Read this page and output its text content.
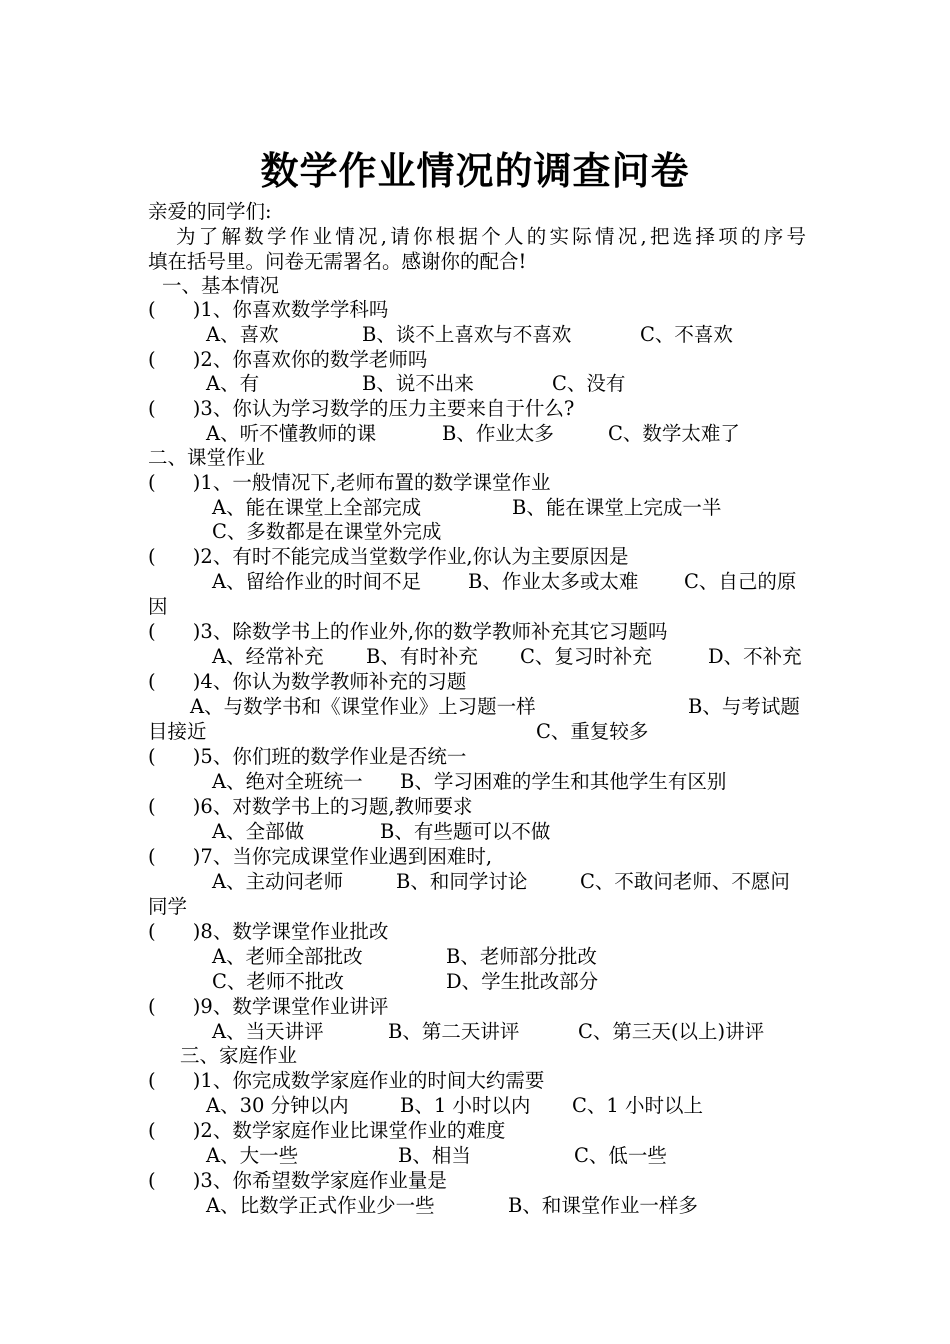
数学作业情况的调查问卷
亲爱的同学们:
为了解数学作业情况,请你根据个人的实际情况,把选择项的序号
填在括号里。问卷无需署名。感谢你的配合!
一、基本情况
(      )1、你喜欢数学学科吗
A、喜欢	B、谈不上喜欢与不喜欢	C、不喜欢
(      )2、你喜欢你的数学老师吗
A、有	B、说不出来	C、没有
(      )3、你认为学习数学的压力主要来自于什么?
A、听不懂教师的课	B、作业太多	C、数学太难了
二、课堂作业
(      )1、一般情况下,老师布置的数学课堂作业
A、能在课堂上全部完成	B、能在课堂上完成一半
C、多数都是在课堂外完成
(      )2、有时不能完成当堂数学作业,你认为主要原因是
A、留给作业的时间不足 B、作业太多或太难 C、自己的原
因
(      )3、除数学书上的作业外,你的数学教师补充其它习题吗
A、经常补充 B、有时补充 C、复习时补充	D、不补充
(      )4、你认为数学教师补充的习题
A、与数学书和《课堂作业》上习题一样	B、与考试题
目接近	C、重复较多
(      )5、你们班的数学作业是否统一
A、绝对全班统一 B、学习困难的学生和其他学生有区别
(      )6、对数学书上的习题,教师要求
A、全部做	B、有些题可以不做
(      )7、当你完成课堂作业遇到困难时,
A、主动问老师	B、和同学讨论	C、不敢问老师、不愿问
同学
(      )8、数学课堂作业批改
A、老师全部批改	B、老师部分批改
C、老师不批改	D、学生批改部分
(      )9、数学课堂作业讲评
A、当天讲评	B、第二天讲评	C、第三天(以上)讲评
三、家庭作业
(      )1、你完成数学家庭作业的时间大约需要
A、30 分钟以内	B、1 小时以内 C、1 小时以上
(      )2、数学家庭作业比课堂作业的难度
A、大一些	B、相当	C、低一些
(      )3、你希望数学家庭作业量是
A、比数学正式作业少一些	B、和课堂作业一样多
